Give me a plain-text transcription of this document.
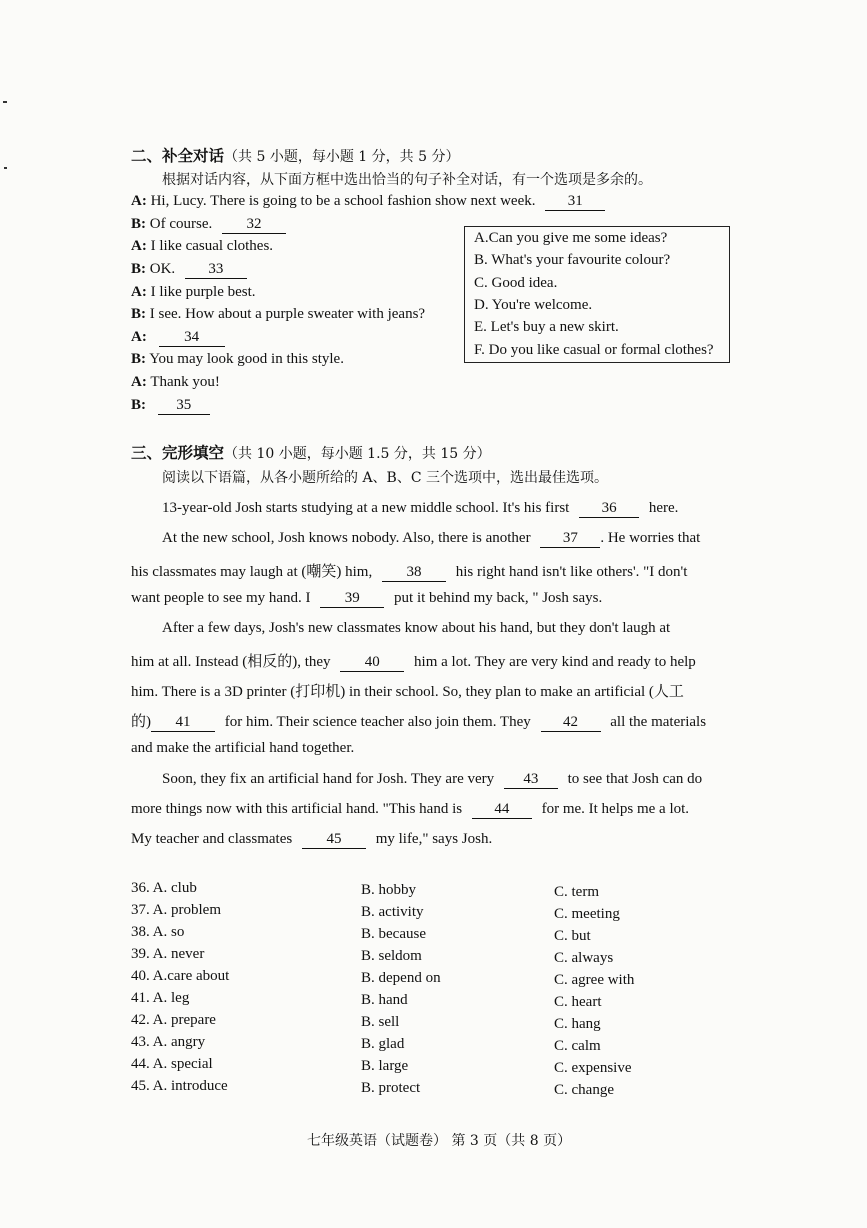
二、补全对话（共 5 小题，每小题 1 分，共 5 分）
根据对话内容，从下面方框中选出恰当的句子补全对话，有一个选项是多余的。
A: Hi, Lucy. There is going to be a school fashion show next week. 31
B: Of course. 32
A: I like casual clothes.
B: OK. 33
A: I like purple best.
B: I see. How about a purple sweater with jeans?
A: 34
B: You may look good in this style.
A: Thank you!
B: 35
A.Can you give me some ideas?
B. What's your favourite colour?
C. Good idea.
D. You're welcome.
E. Let's buy a new skirt.
F. Do you like casual or formal clothes?
三、完形填空（共 10 小题，每小题 1.5 分，共 15 分）
阅读以下语篇，从各小题所给的 A、B、C 三个选项中，选出最佳选项。
13-year-old Josh starts studying at a new middle school. It's his first 36 here.
At the new school, Josh knows nobody. Also, there is another 37 . He worries that
his classmates may laugh at (嘲笑) him, 38 his right hand isn't like others'. "I don't
want people to see my hand. I 39 put it behind my back, " Josh says.
After a few days, Josh's new classmates know about his hand, but they don't laugh at
him at all. Instead (相反的), they 40 him a lot. They are very kind and ready to help
him. There is a 3D printer (打印机) in their school. So, they plan to make an artificial (人工
的) 41 for him. Their science teacher also join them. They 42 all the materials
and make the artificial hand together.
Soon, they fix an artificial hand for Josh. They are very 43 to see that Josh can do
more things now with this artificial hand. "This hand is 44 for me. It helps me a lot.
My teacher and classmates 45 my life," says Josh.
36. A. club	B. hobby	C. term
37. A. problem	B. activity	C. meeting
38. A. so	B. because	C. but
39. A. never	B. seldom	C. always
40. A.care about	B. depend on	C. agree with
41. A. leg	B. hand	C. heart
42. A. prepare	B. sell	C. hang
43. A. angry	B. glad	C. calm
44. A. special	B. large	C. expensive
45. A. introduce	B. protect	C. change
七年级英语（试题卷） 第 3 页（共 8 页）
